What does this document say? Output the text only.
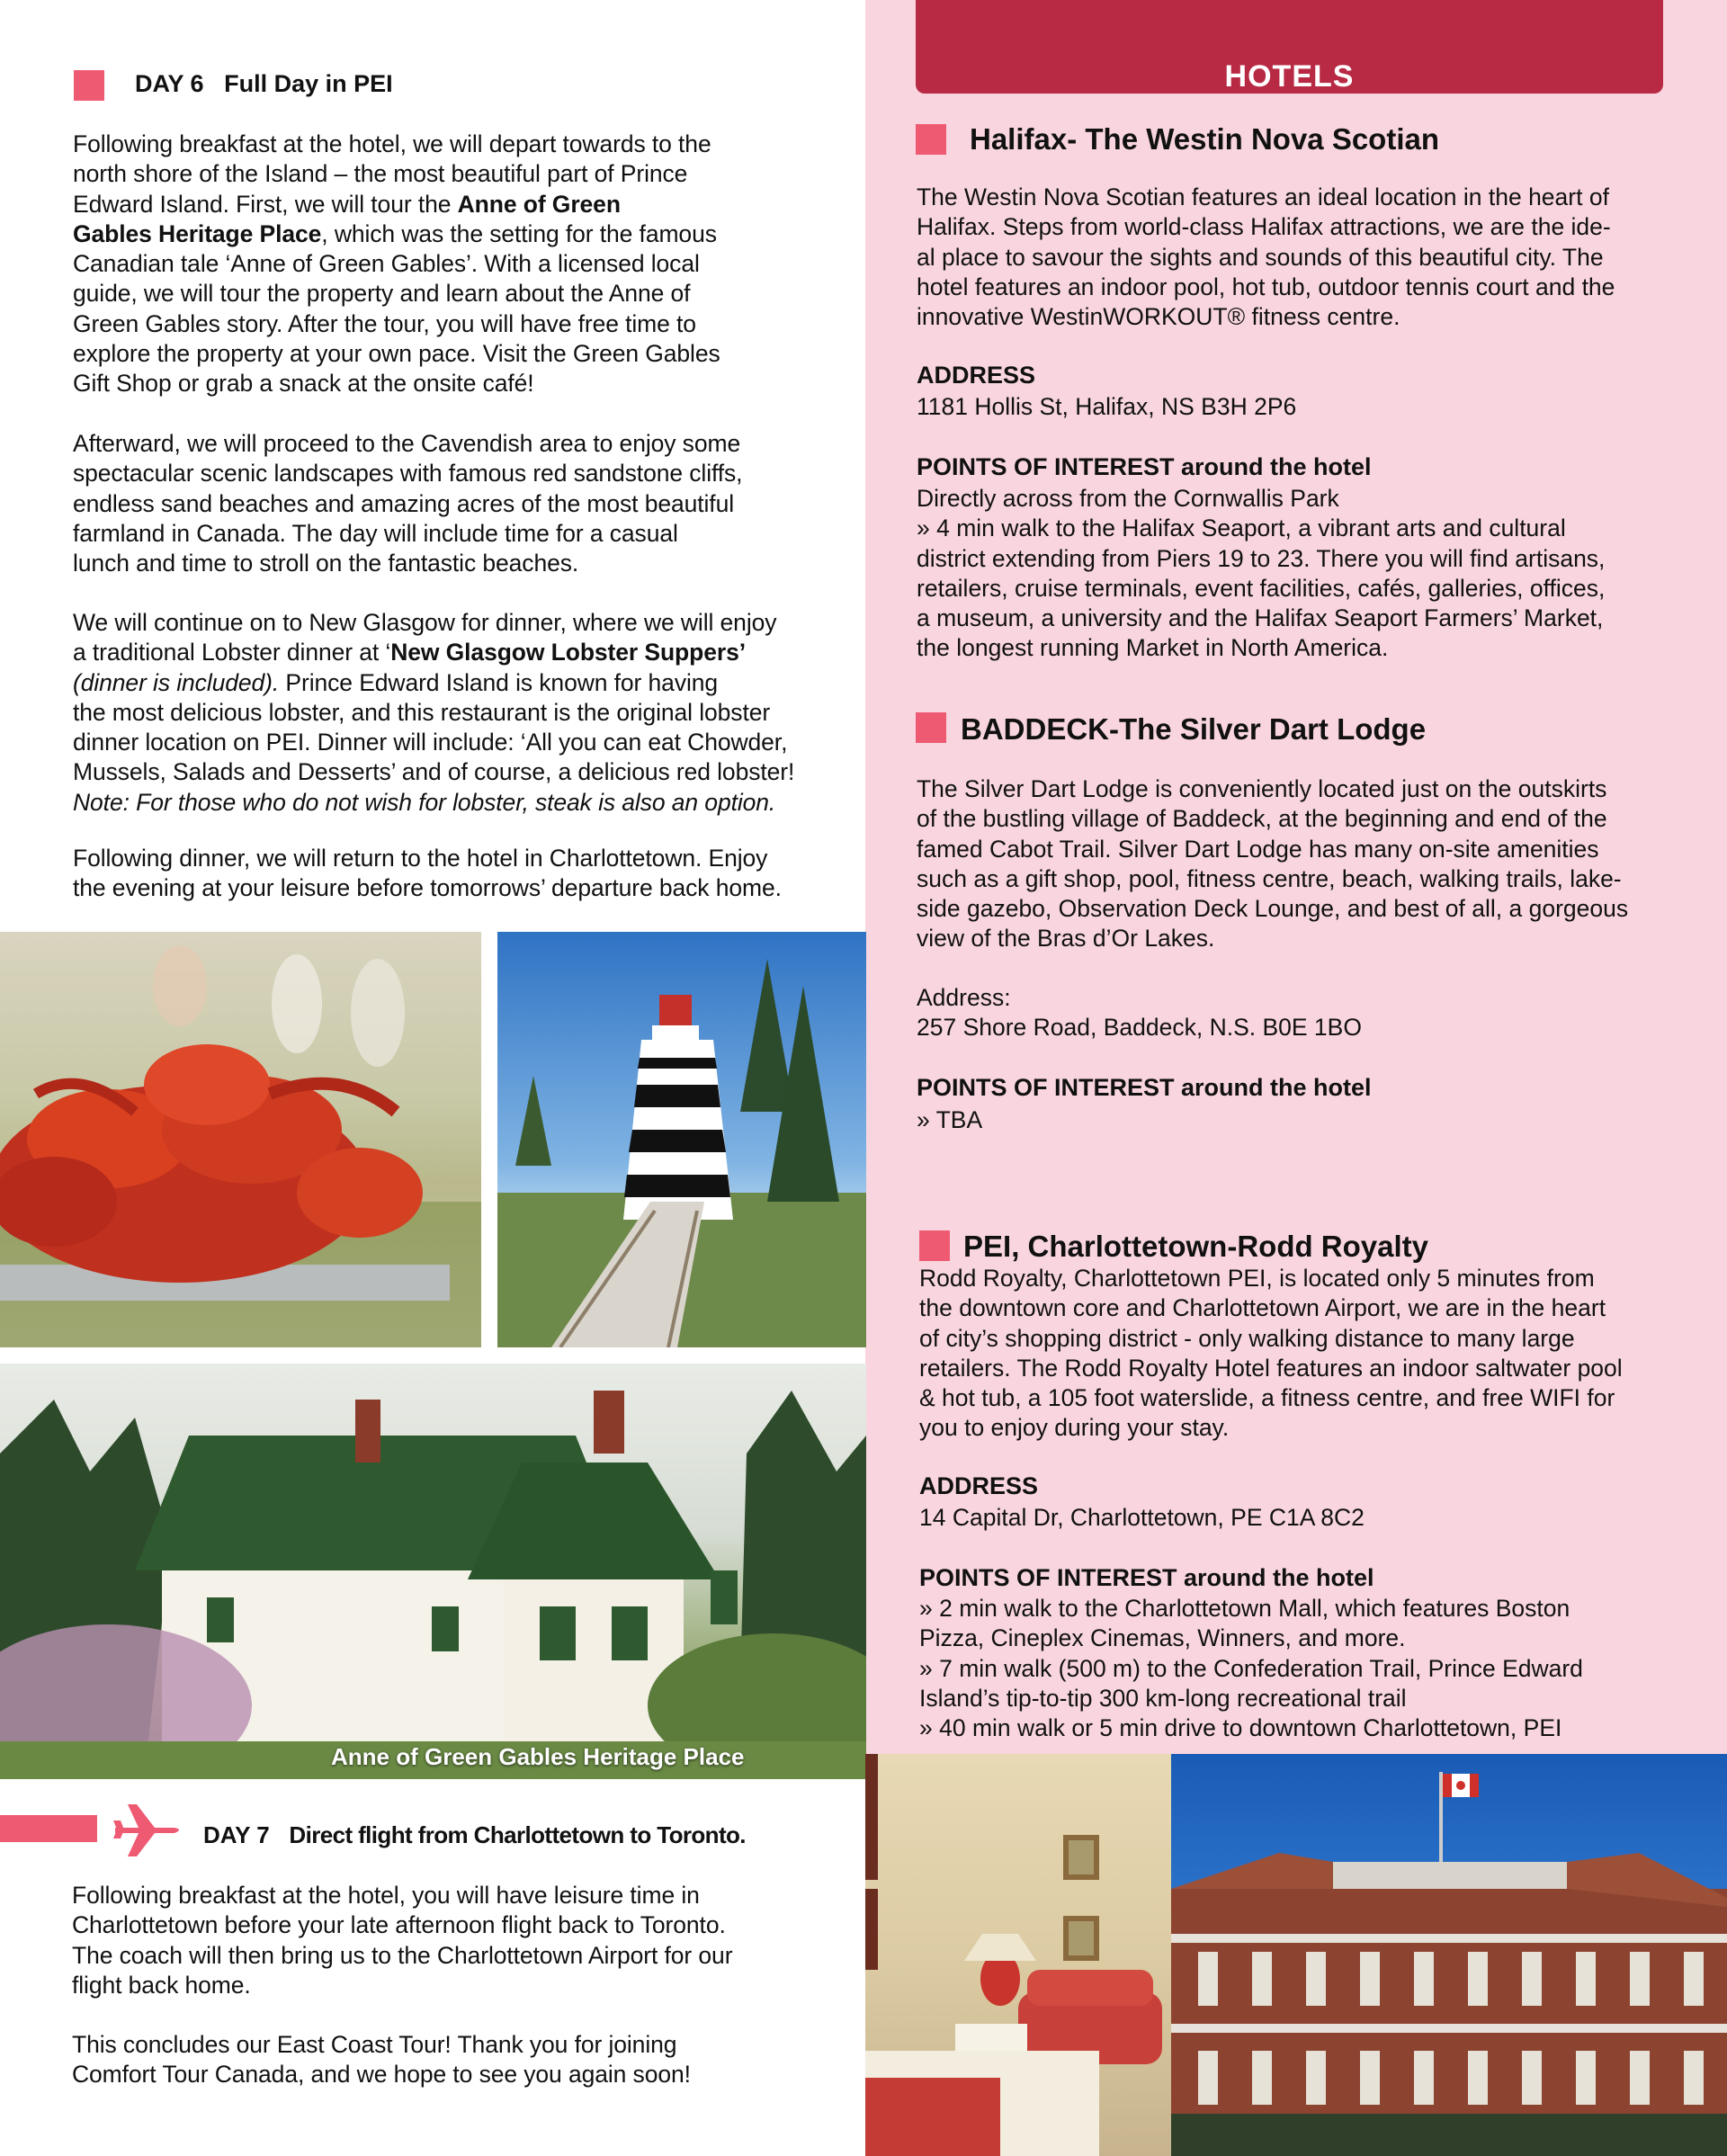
HOTELS
DAY 6 Full Day in PEI
Following breakfast at the hotel, we will depart towards to the
north shore of the Island – the most beautiful part of Prince
Edward Island. First, we will tour the Anne of Green
Gables Heritage Place, which was the setting for the famous
Canadian tale ‘Anne of Green Gables’. With a licensed local
guide, we will tour the property and learn about the Anne of
Green Gables story. After the tour, you will have free time to
explore the property at your own pace. Visit the Green Gables
Gift Shop or grab a snack at the onsite café!
Afterward, we will proceed to the Cavendish area to enjoy some
spectacular scenic landscapes with famous red sandstone cliffs,
endless sand beaches and amazing acres of the most beautiful
farmland in Canada. The day will include time for a casual
lunch and time to stroll on the fantastic beaches.
We will continue on to New Glasgow for dinner, where we will enjoy
a traditional Lobster dinner at ‘New Glasgow Lobster Suppers’
(dinner is included). Prince Edward Island is known for having
the most delicious lobster, and this restaurant is the original lobster
dinner location on PEI. Dinner will include: ‘All you can eat Chowder,
Mussels, Salads and Desserts’ and of course, a delicious red lobster!
Note: For those who do not wish for lobster, steak is also an option.
Following dinner, we will return to the hotel in Charlottetown. Enjoy
the evening at your leisure before tomorrows’ departure back home.
Anne of Green Gables Heritage Place
DAY 7 Direct flight from Charlottetown to Toronto.
Following breakfast at the hotel, you will have leisure time in
Charlottetown before your late afternoon flight back to Toronto.
The coach will then bring us to the Charlottetown Airport for our
flight back home.
This concludes our East Coast Tour! Thank you for joining
Comfort Tour Canada, and we hope to see you again soon!
Halifax- The Westin Nova Scotian
The Westin Nova Scotian features an ideal location in the heart of
Halifax. Steps from world-class Halifax attractions, we are the ide-
al place to savour the sights and sounds of this beautiful city. The
hotel features an indoor pool, hot tub, outdoor tennis court and the
innovative WestinWORKOUT® fitness centre.
ADDRESS
1181 Hollis St, Halifax, NS B3H 2P6
POINTS OF INTEREST around the hotel
Directly across from the Cornwallis Park
» 4 min walk to the Halifax Seaport, a vibrant arts and cultural
district extending from Piers 19 to 23. There you will find artisans,
retailers, cruise terminals, event facilities, cafés, galleries, offices,
a museum, a university and the Halifax Seaport Farmers’ Market,
the longest running Market in North America.
BADDECK-The Silver Dart Lodge
The Silver Dart Lodge is conveniently located just on the outskirts
of the bustling village of Baddeck, at the beginning and end of the
famed Cabot Trail. Silver Dart Lodge has many on-site amenities
such as a gift shop, pool, fitness centre, beach, walking trails, lake-
side gazebo, Observation Deck Lounge, and best of all, a gorgeous
view of the Bras d’Or Lakes.
Address:
257 Shore Road, Baddeck, N.S. B0E 1BO
POINTS OF INTEREST around the hotel
» TBA
PEI, Charlottetown-Rodd Royalty
Rodd Royalty, Charlottetown PEI, is located only 5 minutes from
the downtown core and Charlottetown Airport, we are in the heart
of city’s shopping district - only walking distance to many large
retailers. The Rodd Royalty Hotel features an indoor saltwater pool
& hot tub, a 105 foot waterslide, a fitness centre, and free WIFI for
you to enjoy during your stay.
ADDRESS
14 Capital Dr, Charlottetown, PE C1A 8C2
POINTS OF INTEREST around the hotel
» 2 min walk to the Charlottetown Mall, which features Boston
Pizza, Cineplex Cinemas, Winners, and more.
» 7 min walk (500 m) to the Confederation Trail, Prince Edward
Island’s tip-to-tip 300 km-long recreational trail
» 40 min walk or 5 min drive to downtown Charlottetown, PEI
